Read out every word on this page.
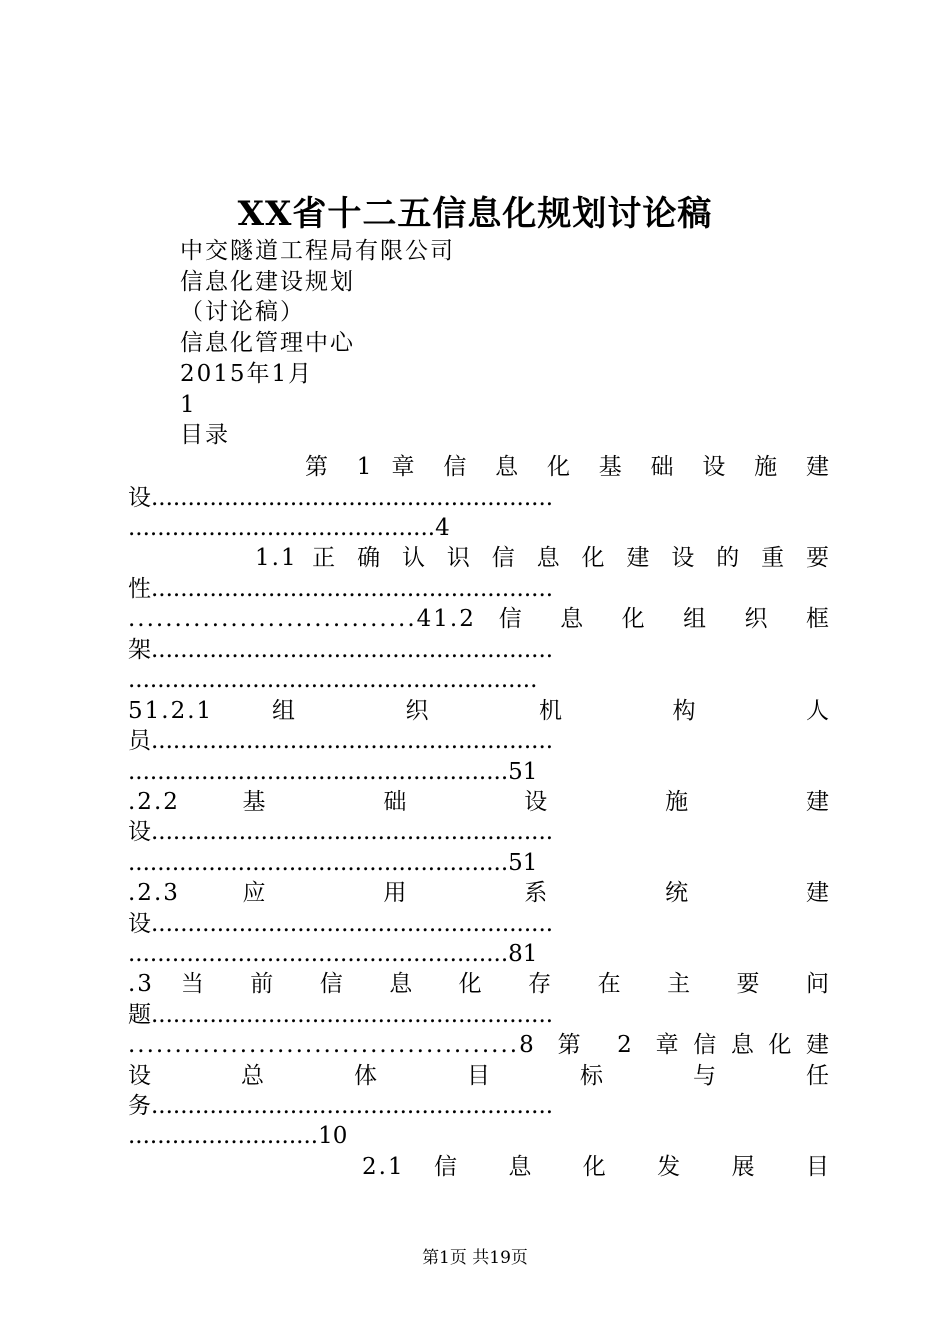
XX省十二五信息化规划讨论稿
中交隧道工程局有限公司
信息化建设规划
（讨论稿）
信息化管理中心
2015年1月
1
目录
第 1 章 信 息 化 基 础 设 施 建
设.......................................................
..........................................4
1.1 正 确 认 识 信 息 化 建 设 的 重 要
性.......................................................
...............................41.2 信 息 化 组 织 框
架.......................................................
........................................................
51.2.1 组 织 机 构 人
员.......................................................
....................................................51
.2.2 基 础 设 施 建
设.......................................................
....................................................51
.2.3 应 用 系 统 建
设.......................................................
....................................................81
.3 当 前 信 息 化 存 在 主 要 问
题.......................................................
..........................................8 第 2 章信息化建
设 总 体 目 标 与 任
务.......................................................
..........................10
2.1 信 息 化 发 展 目
第1页 共19页
